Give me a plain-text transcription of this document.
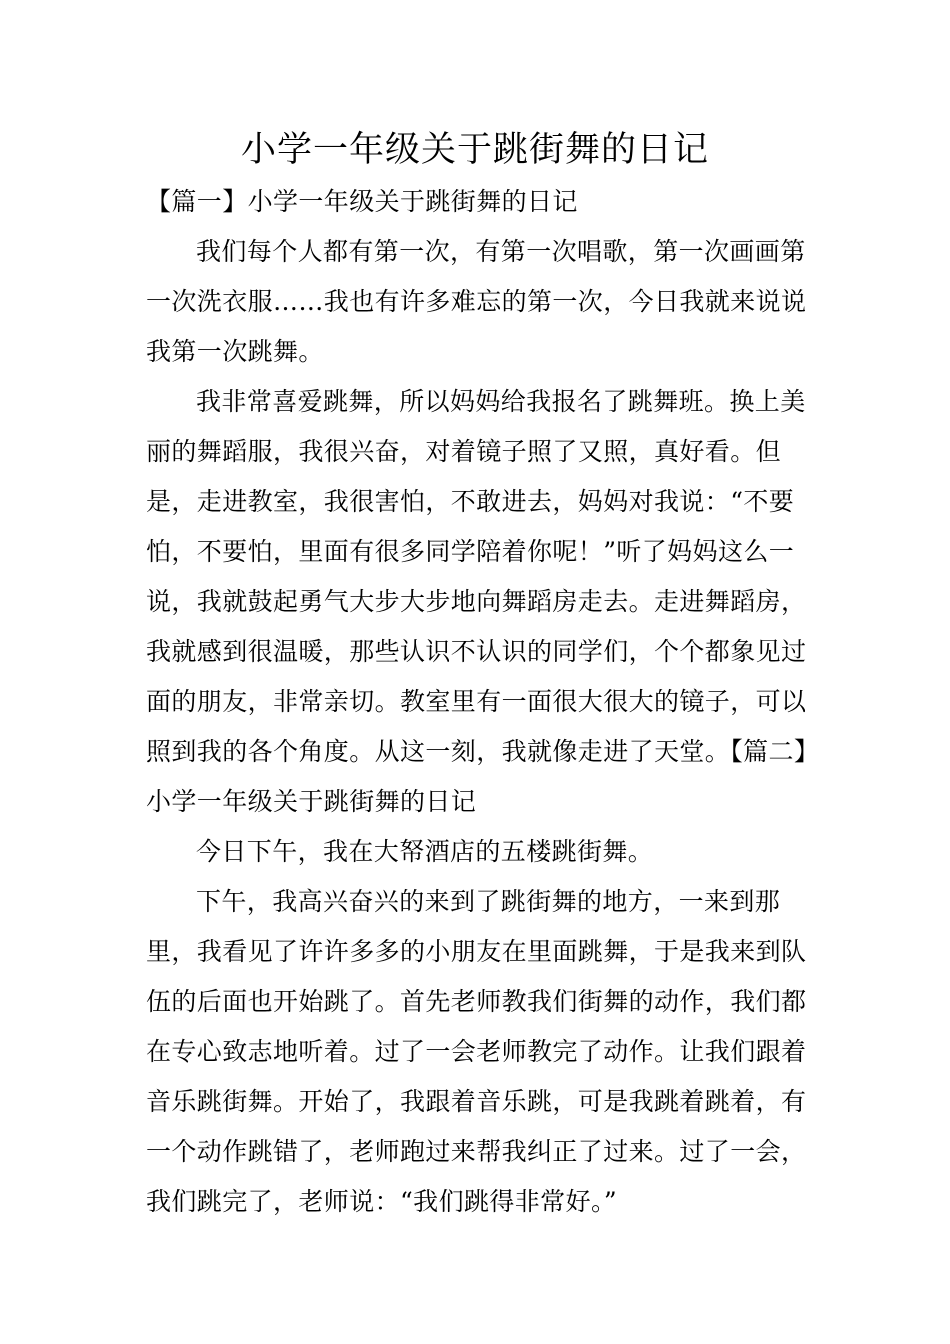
小学一年级关于跳街舞的日记

【篇一】小学一年级关于跳街舞的日记

我们每个人都有第一次，有第一次唱歌，第一次画画第一次洗衣服……我也有许多难忘的第一次，今日我就来说说我第一次跳舞。

我非常喜爱跳舞，所以妈妈给我报名了跳舞班。换上美丽的舞蹈服，我很兴奋，对着镜子照了又照，真好看。但是，走进教室，我很害怕，不敢进去，妈妈对我说：“不要怕，不要怕，里面有很多同学陪着你呢！”听了妈妈这么一说，我就鼓起勇气大步大步地向舞蹈房走去。走进舞蹈房，我就感到很温暖，那些认识不认识的同学们，个个都象见过面的朋友，非常亲切。教室里有一面很大很大的镜子，可以照到我的各个角度。从这一刻，我就像走进了天堂。【篇二】小学一年级关于跳街舞的日记

今日下午，我在大帑酒店的五楼跳街舞。

下午，我高兴奋兴的来到了跳街舞的地方，一来到那里，我看见了许许多多的小朋友在里面跳舞，于是我来到队伍的后面也开始跳了。首先老师教我们街舞的动作，我们都在专心致志地听着。过了一会老师教完了动作。让我们跟着音乐跳街舞。开始了，我跟着音乐跳，可是我跳着跳着，有一个动作跳错了，老师跑过来帮我纠正了过来。过了一会，我们跳完了，老师说：“我们跳得非常好。”
